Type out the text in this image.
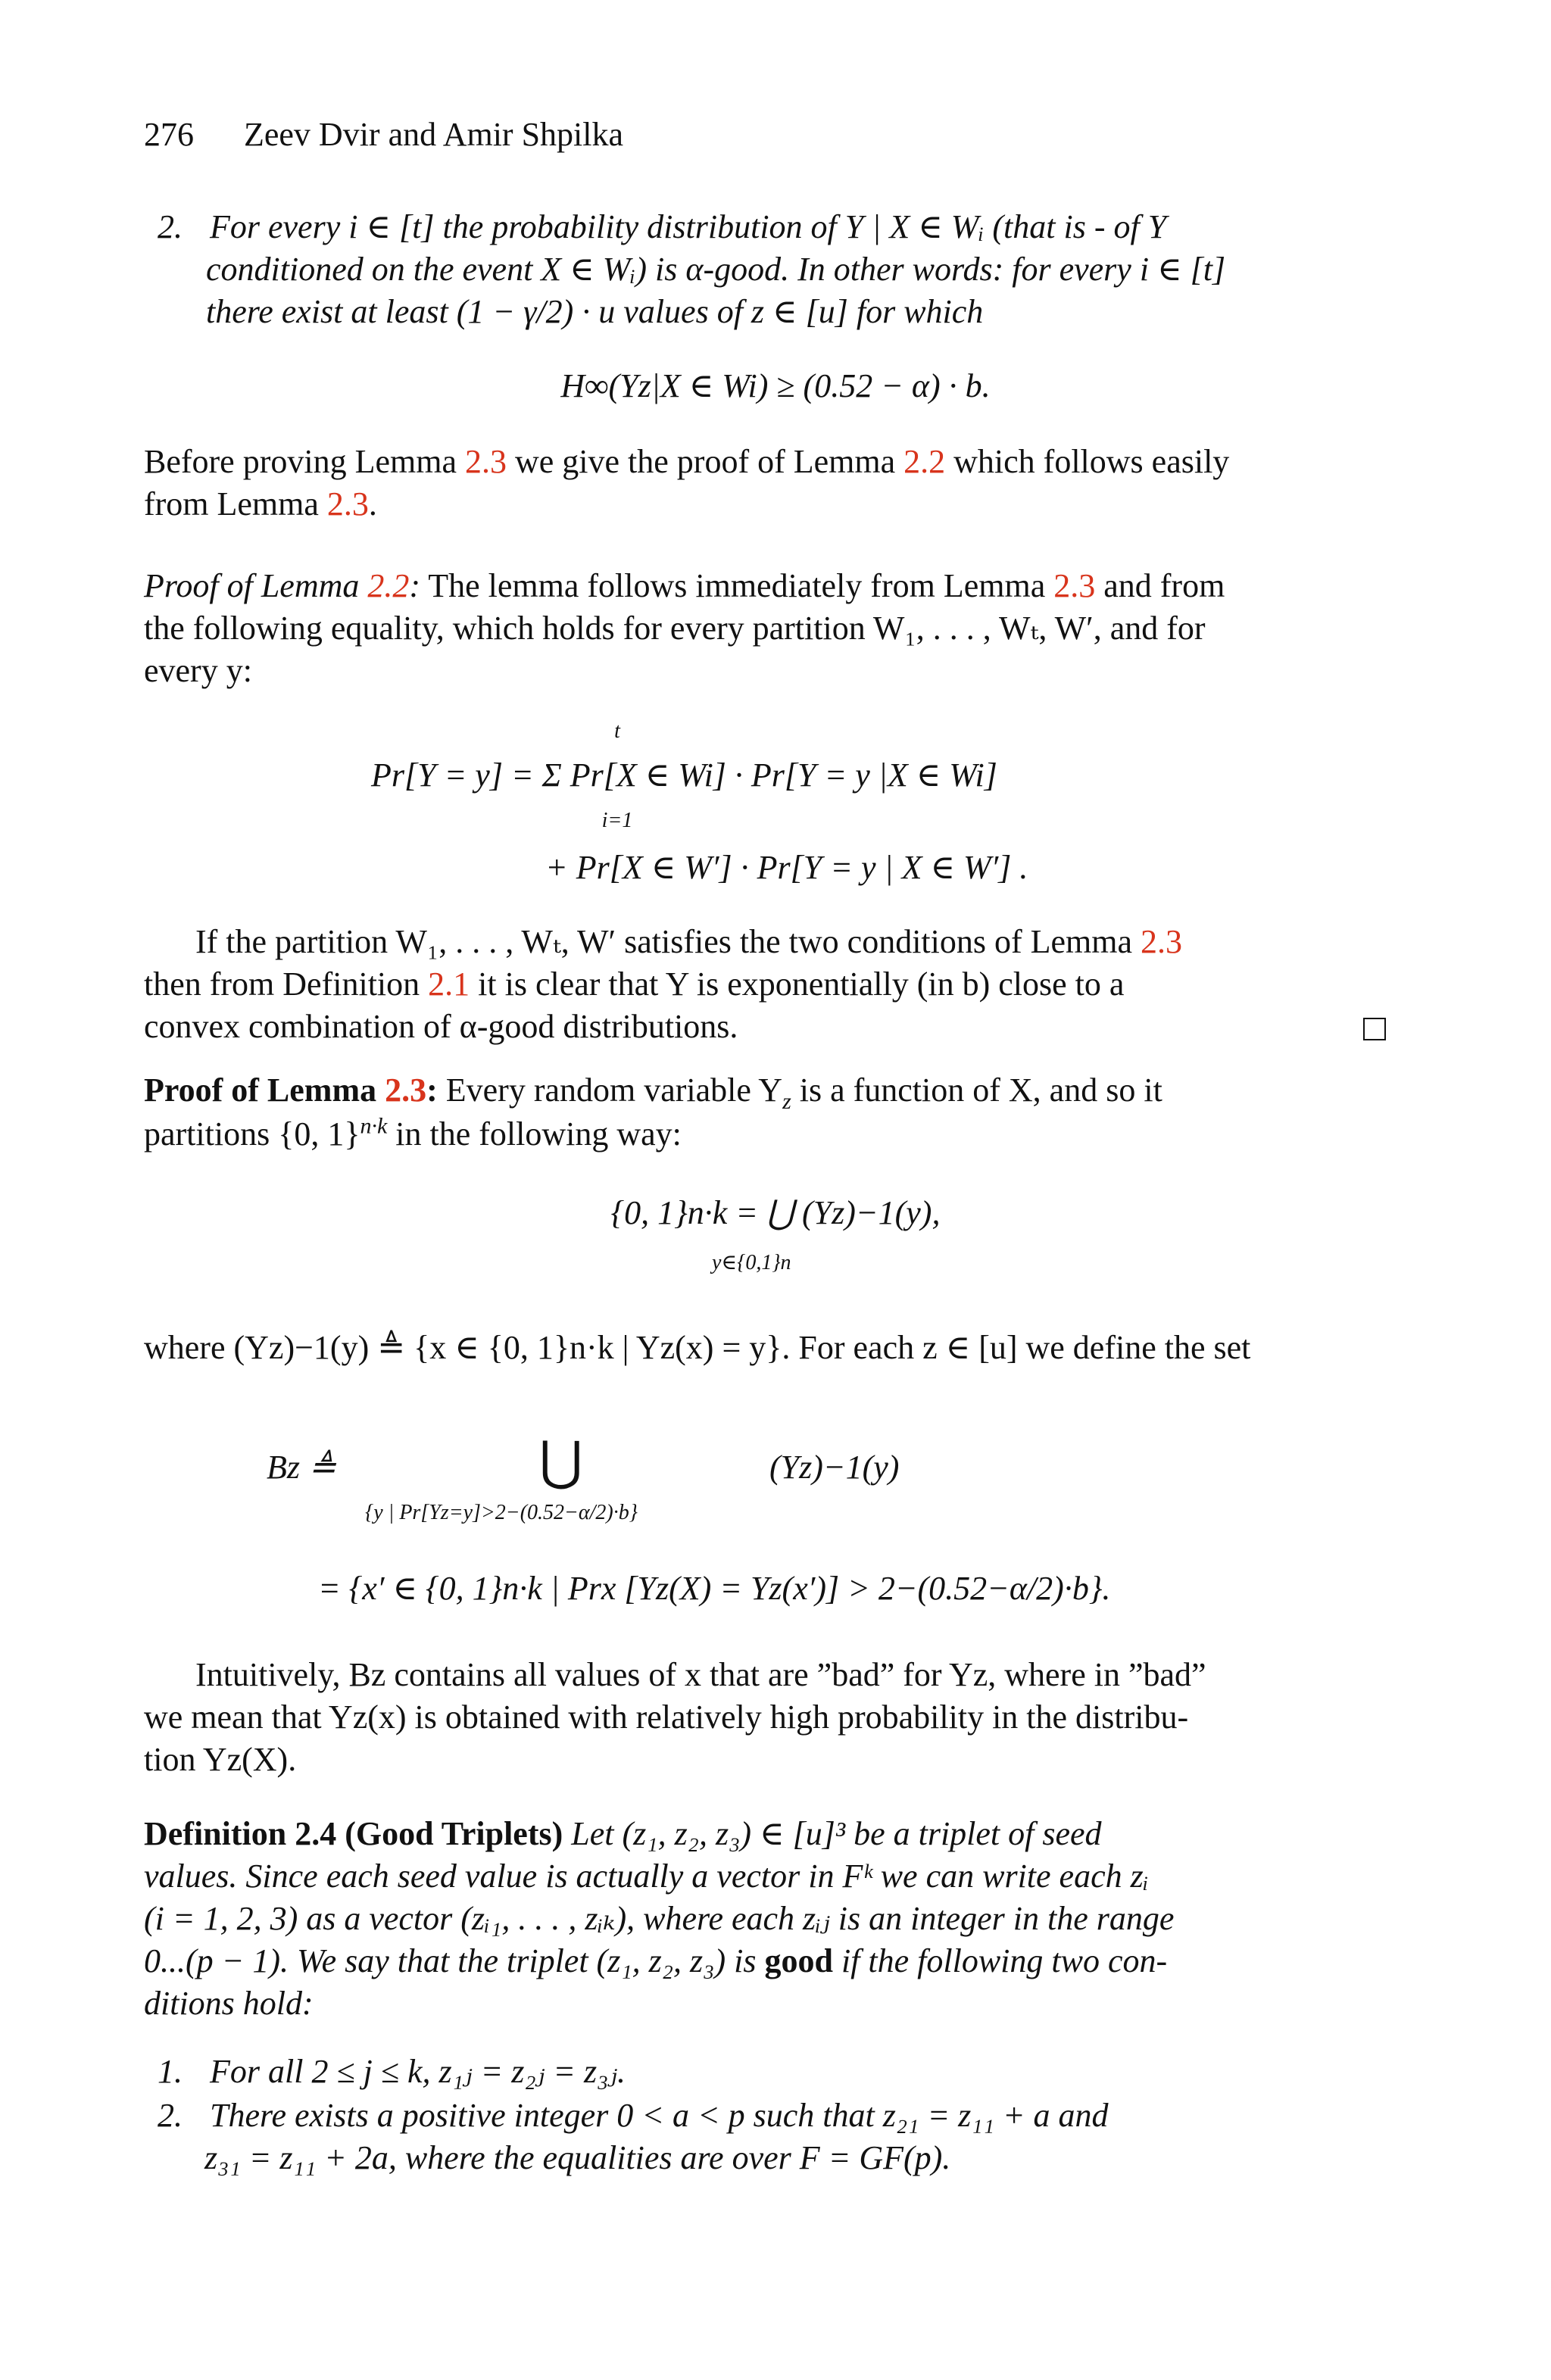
276 Zeev Dvir and Amir Shpilka
2. For every i ∈ [t] the probability distribution of Y | X ∈ Wᵢ (that is - of Y
conditioned on the event X ∈ Wᵢ) is α-good. In other words: for every i ∈ [t]
there exist at least (1 − γ/2) · u values of z ∈ [u] for which
H∞(Yz|X ∈ Wi) ≥ (0.52 − α) · b.
Before proving Lemma 2.3 we give the proof of Lemma 2.2 which follows easily
from Lemma 2.3.
Proof of Lemma 2.2: The lemma follows immediately from Lemma 2.3 and from
the following equality, which holds for every partition W₁, . . . , Wₜ, W′, and for
every y:
t
Pr[Y = y] = Σ Pr[X ∈ Wi] · Pr[Y = y |X ∈ Wi]
i=1
+ Pr[X ∈ W′] · Pr[Y = y | X ∈ W′] .
If the partition W₁, . . . , Wₜ, W′ satisfies the two conditions of Lemma 2.3
then from Definition 2.1 it is clear that Y is exponentially (in b) close to a
convex combination of α-good distributions.
Proof of Lemma 2.3: Every random variable $Y_z$ is a function of X, and so it
partitions {0, 1}$^{n\cdot k}$ in the following way:
{0, 1}n·k = ⋃ (Yz)−1(y),
y∈{0,1}n
where (Yz)−1(y) ≜ {x ∈ {0, 1}n·k | Yz(x) = y}. For each z ∈ [u] we define the set
Bz ≜	⋃	(Yz)−1(y)
{y | Pr[Yz=y]>2−(0.52−α/2)·b}
= {x′ ∈ {0, 1}n·k | Prx [Yz(X) = Yz(x′)] > 2−(0.52−α/2)·b}.
Intuitively, Bz contains all values of x that are ”bad” for Yz, where in ”bad”
we mean that Yz(x) is obtained with relatively high probability in the distribu-
tion Yz(X).
Definition 2.4 (Good Triplets) Let (z₁, z₂, z₃) ∈ [u]³ be a triplet of seed
values. Since each seed value is actually a vector in Fᵏ we can write each zᵢ
(i = 1, 2, 3) as a vector (zᵢ₁, . . . , zᵢₖ), where each zᵢⱼ is an integer in the range
0...(p − 1). We say that the triplet (z₁, z₂, z₃) is good if the following two con-
ditions hold:
1. For all 2 ≤ j ≤ k, z₁ⱼ = z₂ⱼ = z₃ⱼ.
2. There exists a positive integer 0 < a < p such that z₂₁ = z₁₁ + a and
z₃₁ = z₁₁ + 2a, where the equalities are over F = GF(p).
